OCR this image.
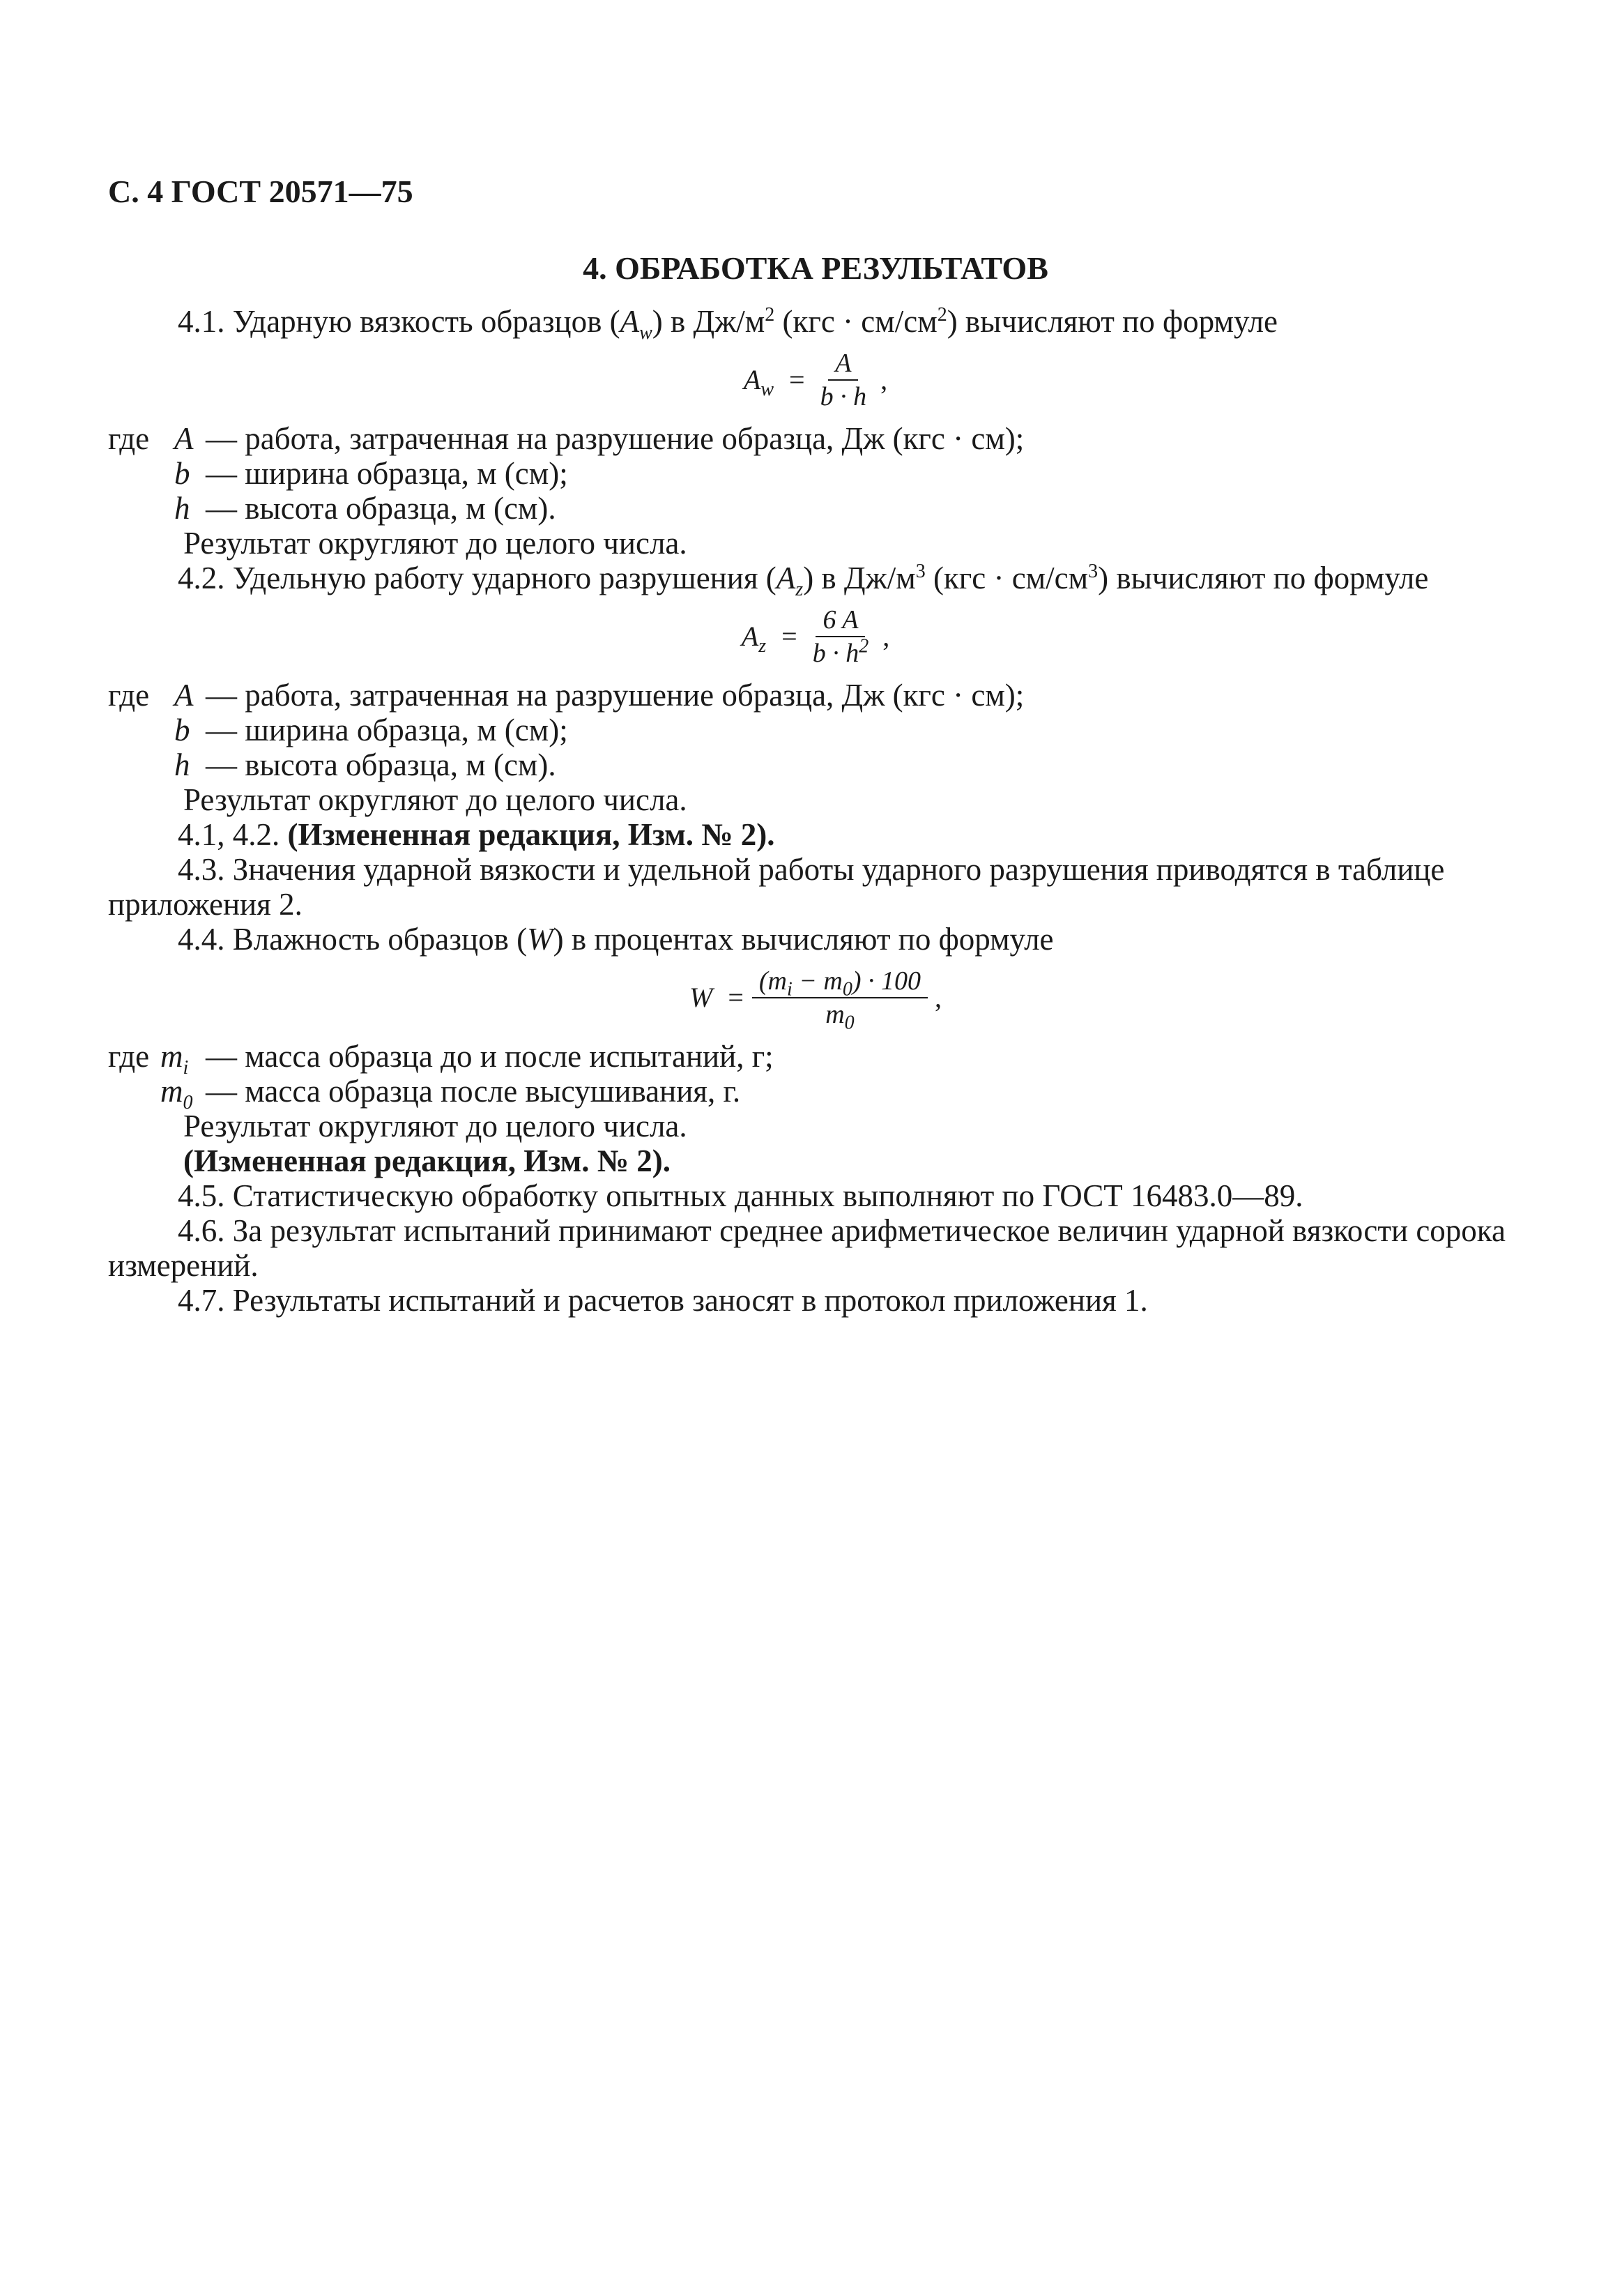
С. 4 ГОСТ 20571—75
4. ОБРАБОТКА РЕЗУЛЬТАТОВ

4.1. Ударную вязкость образцов $(A_w)$ в $Дж/м^2$ $(кгс \cdot см/см^2)$ вычисляют по формуле

$A_w = \frac{A}{b \cdot h}$ ,
где A — работа, затраченная на разрушение образца, Дж (кгс · см);
b — ширина образца, м (см);
h — высота образца, м (см).

Результат округляют до целого числа.

4.2. Удельную работу ударного разрушения $(A_z)$ в $Дж/м^3$ $(кгс \cdot см/см^3)$ вычисляют по формуле

$A_z = \frac{6 A}{b \cdot h^2}$ ,
где A — работа, затраченная на разрушение образца, Дж (кгс · см);
b — ширина образца, м (см);
h — высота образца, м (см).

Результат округляют до целого числа.

4.1, 4.2. (Измененная редакция, Изм. № 2).

4.3. Значения ударной вязкости и удельной работы ударного разрушения приводятся в таблице приложения 2.

4.4. Влажность образцов (W) в процентах вычисляют по формуле

$W = \frac{(m_i - m_0) \cdot 100}{m_0}$ ,
где $m_i$ — масса образца до и после испытаний, г;
$m_0$ — масса образца после высушивания, г.

Результат округляют до целого числа.

(Измененная редакция, Изм. № 2).

4.5. Статистическую обработку опытных данных выполняют по ГОСТ 16483.0—89.

4.6. За результат испытаний принимают среднее арифметическое величин ударной вязкости сорока измерений.

4.7. Результаты испытаний и расчетов заносят в протокол приложения 1.
